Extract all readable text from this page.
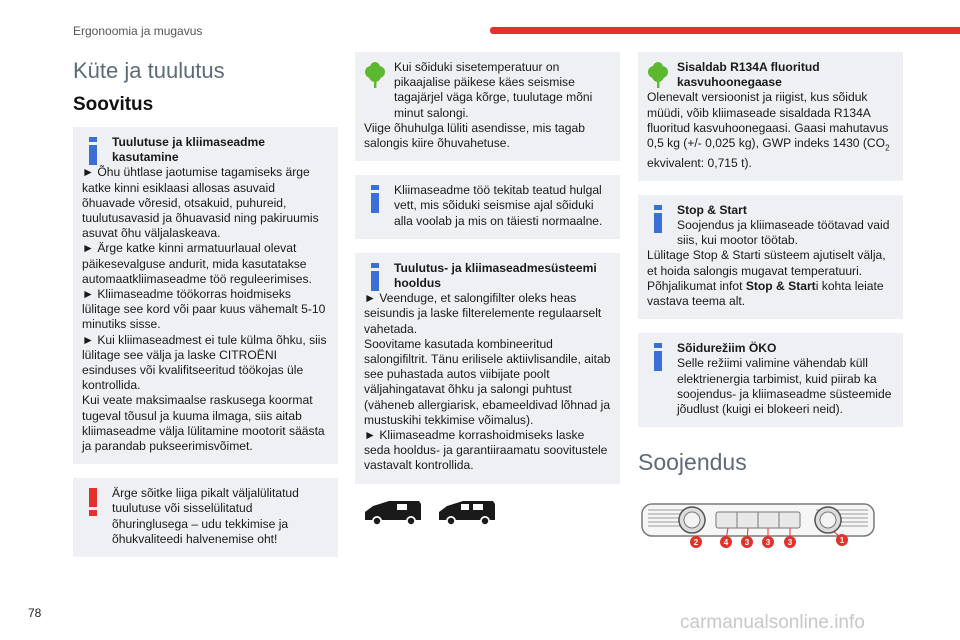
Ergonoomia ja mugavus
Küte ja tuulutus
Soovitus
Tuulutuse ja kliimaseadme kasutamine

► Õhu ühtlase jaotumise tagamiseks ärge katke kinni esiklaasi allosas asuvaid õhuavade võresid, otsakuid, puhureid, tuulutusavasid ja õhuavasid ning pakiruumis asuvat õhu väljalaskeava.

► Ärge katke kinni armatuurlaual olevat päikesevalguse andurit, mida kasutatakse automaatkliimaseadme töö reguleerimises.

► Kliimaseadme töökorras hoidmiseks lülitage see kord või paar kuus vähemalt 5-10 minutiks sisse.

► Kui kliimaseadmest ei tule külma õhku, siis lülitage see välja ja laske CITROËNI esinduses või kvalifitseeritud töökojas üle kontrollida.

Kui veate maksimaalse raskusega koormat tugeval tõusul ja kuuma ilmaga, siis aitab kliimaseadme välja lülitamine mootorit säästa ja parandab pukseerimisvõimet.

Ärge sõitke liiga pikalt väljalülitatud tuulutuse või sisselülitatud õhuringlusega – udu tekkimise ja õhukvaliteedi halvenemise oht!
Kui sõiduki sisetemperatuur on pikaajalise päikese käes seismise tagajärjel väga kõrge, tuulutage mõni minut salongi.

Viige õhuhulga lüliti asendisse, mis tagab salongis kiire õhuvahetuse.

Kliimaseadme töö tekitab teatud hulgal vett, mis sõiduki seismise ajal sõiduki alla voolab ja mis on täiesti normaalne.
Tuulutus- ja kliimaseadmesüsteemi hooldus

► Veenduge, et salongifilter oleks heas seisundis ja laske filterelemente regulaarselt vahetada.

Soovitame kasutada kombineeritud salongifiltrit. Tänu erilisele aktiivlisandile, aitab see puhastada autos viibijate poolt väljahingatavat õhku ja salongi puhtust (väheneb allergiarisk, ebameeldivad lõhnad ja mustuskihi tekkimise võimalus).

► Kliimaseadme korrashoidmiseks laske seda hooldus- ja garantiiraamatu soovitustele vastavalt kontrollida.

Sisaldab R134A fluoritud kasvuhoonegaase

Olenevalt versioonist ja riigist, kus sõiduk müüdi, võib kliimaseade sisaldada R134A fluoritud kasvuhoonegaasi. Gaasi mahutavus 0,5 kg (+/- 0,025 kg), GWP indeks 1430 ($CO_2$ ekvivalent: 0,715 t).

Stop & Start
Soojendus ja kliimaseade töötavad vaid siis, kui mootor töötab.

Lülitage Stop & Starti süsteem ajutiselt välja, et hoida salongis mugavat temperatuuri.

Põhjalikumat infot Stop & Starti kohta leiate vastava teema alt.

Sõidurežiim ÖKO
Selle režiimi valimine vähendab küll elektrienergia tarbimist, kuid piirab ka soojendus- ja kliimaseadme süsteemide jõudlust (kuigi ei blokeeri neid).
Soojendus
2	4 3 3 3	1
78	carmanualsonline.info
